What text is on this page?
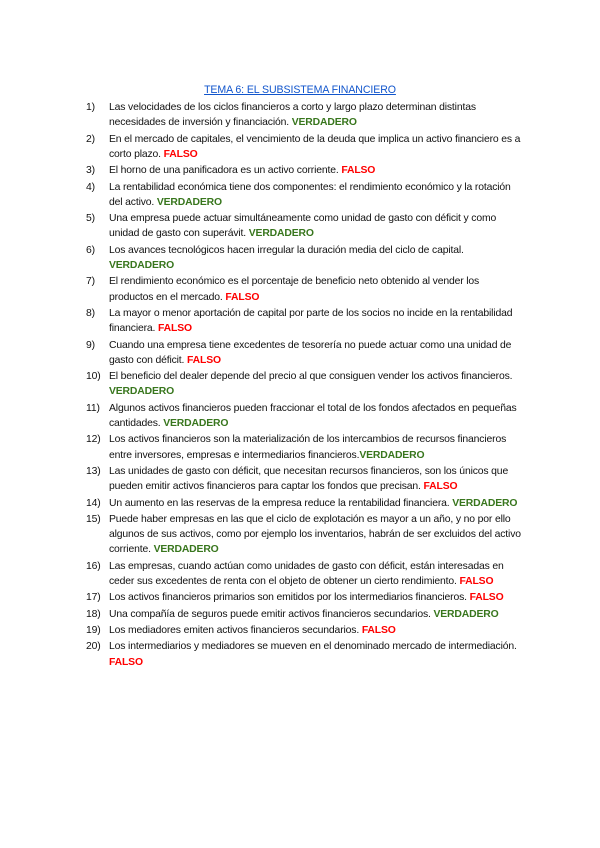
TEMA 6: EL SUBSISTEMA FINANCIERO
1)	Las velocidades de los ciclos financieros a corto y largo plazo determinan distintas necesidades de inversión y financiación. VERDADERO
2)	En el mercado de capitales, el vencimiento de la deuda que implica un activo financiero es a corto plazo. FALSO
3)	El horno de una panificadora es un activo corriente. FALSO
4)	La rentabilidad económica tiene dos componentes: el rendimiento económico y la rotación del activo. VERDADERO
5)	Una empresa puede actuar simultáneamente como unidad de gasto con déficit y como unidad de gasto con superávit. VERDADERO
6)	Los avances tecnológicos hacen irregular la duración media del ciclo de capital. VERDADERO
7)	El rendimiento económico es el porcentaje de beneficio neto obtenido al vender los productos en el mercado. FALSO
8)	La mayor o menor aportación de capital por parte de los socios no incide en la rentabilidad financiera. FALSO
9)	Cuando una empresa tiene excedentes de tesorería no puede actuar como una unidad de gasto con déficit. FALSO
10) El beneficio del dealer depende del precio al que consiguen vender los activos financieros. VERDADERO
11) Algunos activos financieros pueden fraccionar el total de los fondos afectados en pequeñas cantidades. VERDADERO
12) Los activos financieros son la materialización de los intercambios de recursos financieros entre inversores, empresas e intermediarios financieros.VERDADERO
13) Las unidades de gasto con déficit, que necesitan recursos financieros, son los únicos que pueden emitir activos financieros para captar los fondos que precisan. FALSO
14) Un aumento en las reservas de la empresa reduce la rentabilidad financiera. VERDADERO
15) Puede haber empresas en las que el ciclo de explotación es mayor a un año, y no por ello algunos de sus activos, como por ejemplo los inventarios, habrán de ser excluidos del activo corriente. VERDADERO
16) Las empresas, cuando actúan como unidades de gasto con déficit, están interesadas en ceder sus excedentes de renta con el objeto de obtener un cierto rendimiento. FALSO
17) Los activos financieros primarios son emitidos por los intermediarios financieros. FALSO
18) Una compañía de seguros puede emitir activos financieros secundarios. VERDADERO
19) Los mediadores emiten activos financieros secundarios. FALSO
20) Los intermediarios y mediadores se mueven en el denominado mercado de intermediación. FALSO
